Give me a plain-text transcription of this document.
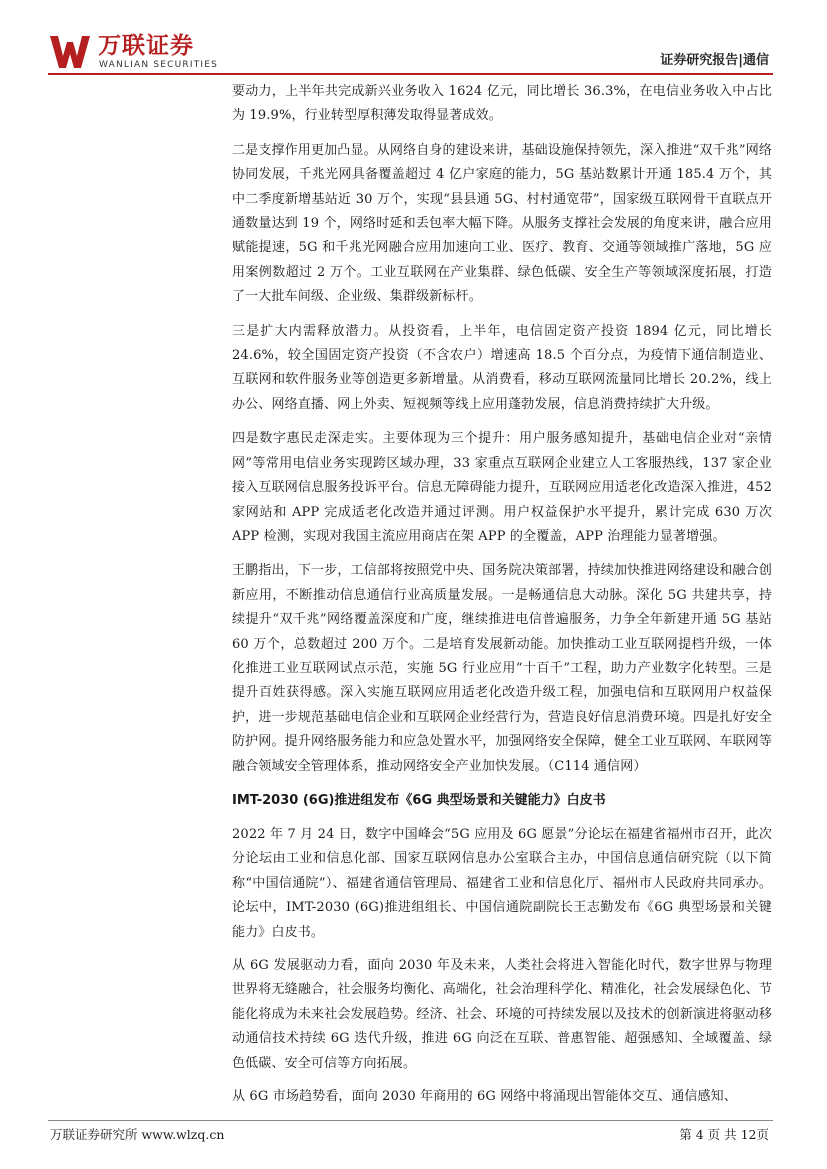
万联证券
WANLIAN SECURITIES	证券研究报告|通信

要动力，上半年共完成新兴业务收入 1624 亿元，同比增长 36.3%，在电信业务收入中占比为 19.9%，行业转型厚积薄发取得显著成效。

二是支撑作用更加凸显。从网络自身的建设来讲，基础设施保持领先，深入推进“双千兆”网络协同发展，千兆光网具备覆盖超过 4 亿户家庭的能力，5G 基站数累计开通 185.4 万个，其中二季度新增基站近 30 万个，实现“县县通 5G、村村通宽带”，国家级互联网骨干直联点开通数量达到 19 个，网络时延和丢包率大幅下降。从服务支撑社会发展的角度来讲，融合应用赋能提速，5G 和千兆光网融合应用加速向工业、医疗、教育、交通等领域推广落地，5G 应用案例数超过 2 万个。工业互联网在产业集群、绿色低碳、安全生产等领域深度拓展，打造了一大批车间级、企业级、集群级新标杆。

三是扩大内需释放潜力。从投资看，上半年，电信固定资产投资 1894 亿元，同比增长 24.6%，较全国固定资产投资（不含农户）增速高 18.5 个百分点，为疫情下通信制造业、互联网和软件服务业等创造更多新增量。从消费看，移动互联网流量同比增长 20.2%，线上办公、网络直播、网上外卖、短视频等线上应用蓬勃发展，信息消费持续扩大升级。

四是数字惠民走深走实。主要体现为三个提升：用户服务感知提升，基础电信企业对“亲情网”等常用电信业务实现跨区域办理，33 家重点互联网企业建立人工客服热线，137 家企业接入互联网信息服务投诉平台。信息无障碍能力提升，互联网应用适老化改造深入推进，452 家网站和 APP 完成适老化改造并通过评测。用户权益保护水平提升，累计完成 630 万次 APP 检测，实现对我国主流应用商店在架 APP 的全覆盖，APP 治理能力显著增强。

王鹏指出，下一步，工信部将按照党中央、国务院决策部署，持续加快推进网络建设和融合创新应用，不断推动信息通信行业高质量发展。一是畅通信息大动脉。深化 5G 共建共享，持续提升“双千兆”网络覆盖深度和广度，继续推进电信普遍服务，力争全年新建开通 5G 基站 60 万个，总数超过 200 万个。二是培育发展新动能。加快推动工业互联网提档升级，一体化推进工业互联网试点示范，实施 5G 行业应用“十百千”工程，助力产业数字化转型。三是提升百姓获得感。深入实施互联网应用适老化改造升级工程，加强电信和互联网用户权益保护，进一步规范基础电信企业和互联网企业经营行为，营造良好信息消费环境。四是扎好安全防护网。提升网络服务能力和应急处置水平，加强网络安全保障，健全工业互联网、车联网等融合领域安全管理体系，推动网络安全产业加快发展。（C114 通信网）

IMT-2030 (6G)推进组发布《6G 典型场景和关键能力》白皮书

2022 年 7 月 24 日，数字中国峰会“5G 应用及 6G 愿景”分论坛在福建省福州市召开，此次分论坛由工业和信息化部、国家互联网信息办公室联合主办，中国信息通信研究院（以下简称“中国信通院”）、福建省通信管理局、福建省工业和信息化厅、福州市人民政府共同承办。论坛中，IMT-2030 (6G)推进组组长、中国信通院副院长王志勤发布《6G 典型场景和关键能力》白皮书。

从 6G 发展驱动力看，面向 2030 年及未来，人类社会将进入智能化时代，数字世界与物理世界将无缝融合，社会服务均衡化、高端化，社会治理科学化、精准化，社会发展绿色化、节能化将成为未来社会发展趋势。经济、社会、环境的可持续发展以及技术的创新演进将驱动移动通信技术持续 6G 迭代升级，推进 6G 向泛在互联、普惠智能、超强感知、全域覆盖、绿色低碳、安全可信等方向拓展。

从 6G 市场趋势看，面向 2030 年商用的 6G 网络中将涌现出智能体交互、通信感知、

万联证券研究所 www.wlzq.cn	第 4 页 共 12页
